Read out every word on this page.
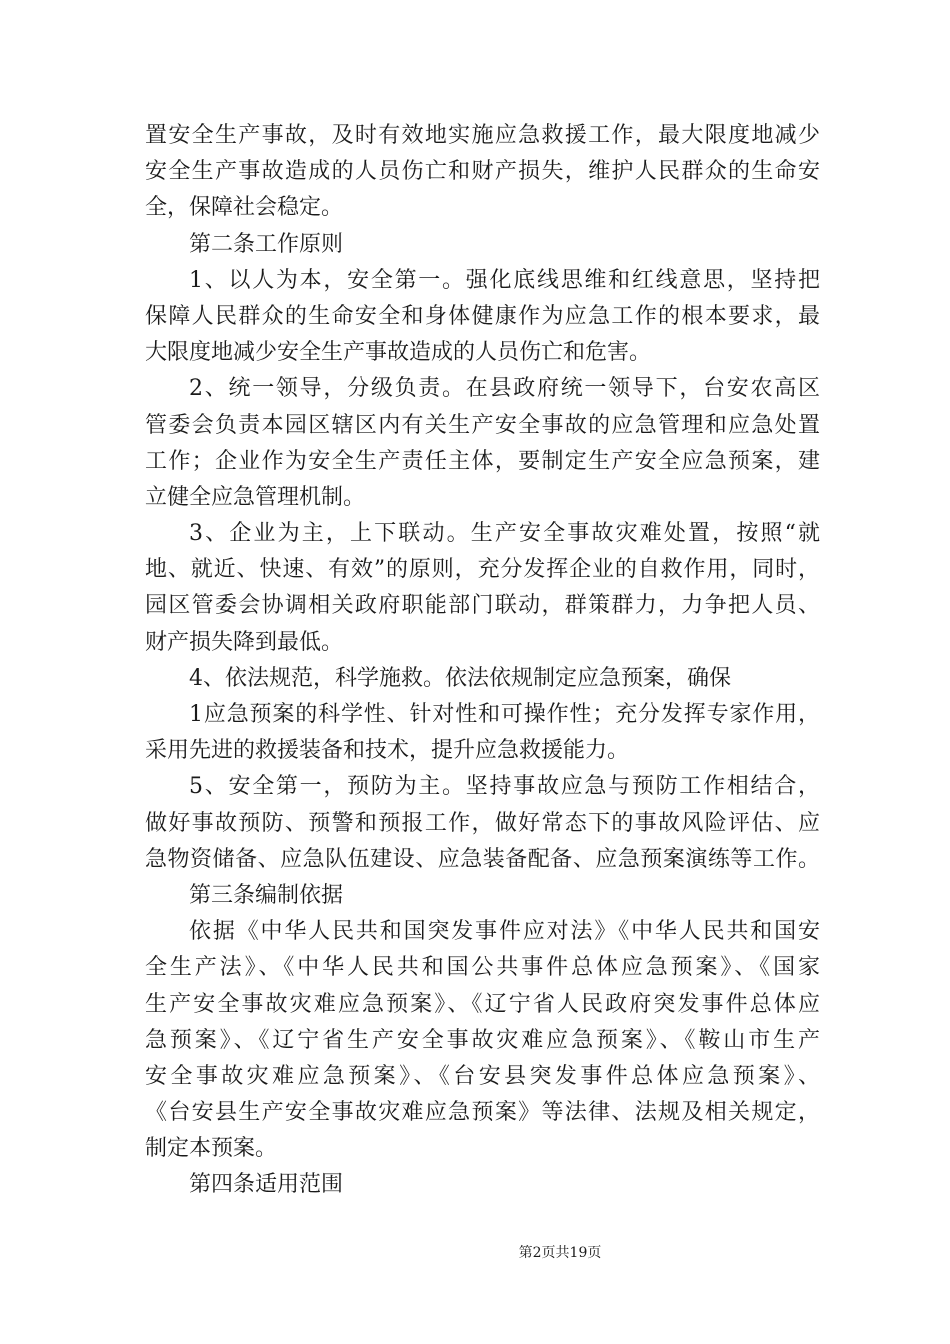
置安全生产事故，及时有效地实施应急救援工作，最大限度地减少
安全生产事故造成的人员伤亡和财产损失，维护人民群众的生命安
全，保障社会稳定。
第二条工作原则
1、以人为本，安全第一。强化底线思维和红线意思，坚持把
保障人民群众的生命安全和身体健康作为应急工作的根本要求，最
大限度地减少安全生产事故造成的人员伤亡和危害。
2、统一领导，分级负责。在县政府统一领导下，台安农高区
管委会负责本园区辖区内有关生产安全事故的应急管理和应急处置
工作；企业作为安全生产责任主体，要制定生产安全应急预案，建
立健全应急管理机制。
3、企业为主，上下联动。生产安全事故灾难处置，按照“就
地、就近、快速、有效”的原则，充分发挥企业的自救作用，同时，
园区管委会协调相关政府职能部门联动，群策群力，力争把人员、
财产损失降到最低。
4、依法规范，科学施救。依法依规制定应急预案，确保
1应急预案的科学性、针对性和可操作性；充分发挥专家作用，
采用先进的救援装备和技术，提升应急救援能力。
5、安全第一，预防为主。坚持事故应急与预防工作相结合，
做好事故预防、预警和预报工作，做好常态下的事故风险评估、应
急物资储备、应急队伍建设、应急装备配备、应急预案演练等工作。
第三条编制依据
依据《中华人民共和国突发事件应对法》《中华人民共和国安
全生产法》、《中华人民共和国公共事件总体应急预案》、《国家
生产安全事故灾难应急预案》、《辽宁省人民政府突发事件总体应
急预案》、《辽宁省生产安全事故灾难应急预案》、《鞍山市生产
安全事故灾难应急预案》、《台安县突发事件总体应急预案》、
《台安县生产安全事故灾难应急预案》等法律、法规及相关规定，
制定本预案。
第四条适用范围
第2页共19页
